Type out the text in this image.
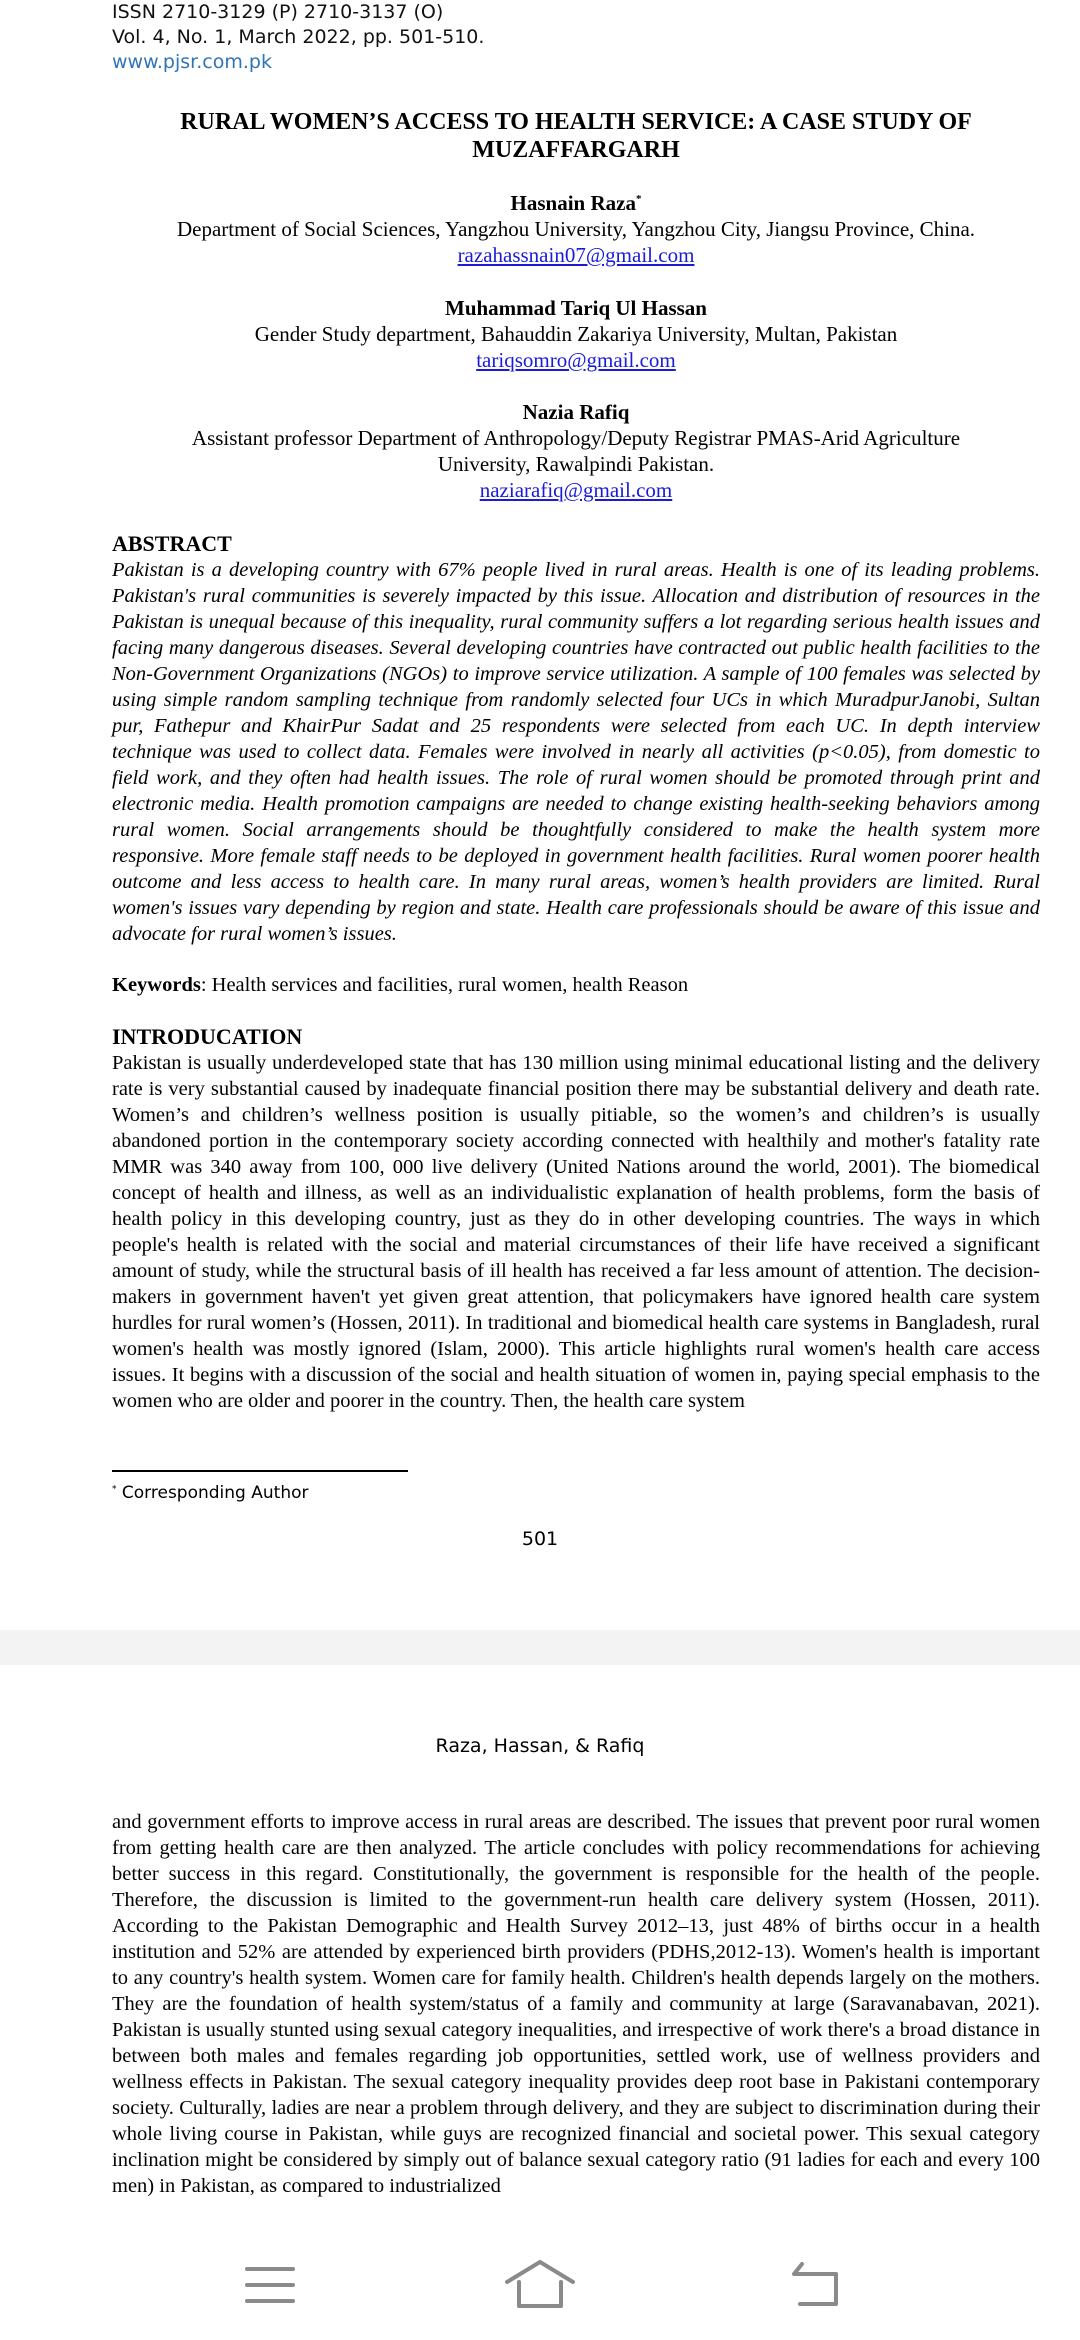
ISSN 2710-3129 (P) 2710-3137 (O)
Vol. 4, No. 1, March 2022, pp. 501-510.
www.pjsr.com.pk
RURAL WOMEN’S ACCESS TO HEALTH SERVICE: A CASE STUDY OF
MUZAFFARGARH
Hasnain Raza*
Department of Social Sciences, Yangzhou University, Yangzhou City, Jiangsu Province, China.
razahassnain07@gmail.com
Muhammad Tariq Ul Hassan
Gender Study department, Bahauddin Zakariya University, Multan, Pakistan
tariqsomro@gmail.com
Nazia Rafiq
Assistant professor Department of Anthropology/Deputy Registrar PMAS-Arid Agriculture
University, Rawalpindi Pakistan.
naziarafiq@gmail.com
ABSTRACT
Pakistan is a developing country with 67% people lived in rural areas. Health is one of its leading problems. Pakistan's rural communities is severely impacted by this issue. Allocation and distribution of resources in the Pakistan is unequal because of this inequality, rural community suffers a lot regarding serious health issues and facing many dangerous diseases. Several developing countries have contracted out public health facilities to the Non-Government Organizations (NGOs) to improve service utilization. A sample of 100 females was selected by using simple random sampling technique from randomly selected four UCs in which MuradpurJanobi, Sultan pur, Fathepur and KhairPur Sadat and 25 respondents were selected from each UC. In depth interview technique was used to collect data. Females were involved in nearly all activities (p<0.05), from domestic to field work, and they often had health issues. The role of rural women should be promoted through print and electronic media. Health promotion campaigns are needed to change existing health-seeking behaviors among rural women. Social arrangements should be thoughtfully considered to make the health system more responsive. More female staff needs to be deployed in government health facilities. Rural women poorer health outcome and less access to health care. In many rural areas, women’s health providers are limited. Rural women's issues vary depending by region and state. Health care professionals should be aware of this issue and advocate for rural women’s issues.
Keywords: Health services and facilities, rural women, health Reason
INTRODUCATION
Pakistan is usually underdeveloped state that has 130 million using minimal educational listing and the delivery rate is very substantial caused by inadequate financial position there may be substantial delivery and death rate. Women’s and children’s wellness position is usually pitiable, so the women’s and children’s is usually abandoned portion in the contemporary society according connected with healthily and mother's fatality rate MMR was 340 away from 100, 000 live delivery (United Nations around the world, 2001). The biomedical concept of health and illness, as well as an individualistic explanation of health problems, form the basis of health policy in this developing country, just as they do in other developing countries. The ways in which people's health is related with the social and material circumstances of their life have received a significant amount of study, while the structural basis of ill health has received a far less amount of attention. The decision-makers in government haven't yet given great attention, that policymakers have ignored health care system hurdles for rural women’s (Hossen, 2011). In traditional and biomedical health care systems in Bangladesh, rural women's health was mostly ignored (Islam, 2000). This article highlights rural women's health care access issues. It begins with a discussion of the social and health situation of women in, paying special emphasis to the women who are older and poorer in the country. Then, the health care system
* Corresponding Author
501
Raza, Hassan, & Rafiq
and government efforts to improve access in rural areas are described. The issues that prevent poor rural women from getting health care are then analyzed. The article concludes with policy recommendations for achieving better success in this regard. Constitutionally, the government is responsible for the health of the people. Therefore, the discussion is limited to the government-run health care delivery system (Hossen, 2011). According to the Pakistan Demographic and Health Survey 2012–13, just 48% of births occur in a health institution and 52% are attended by experienced birth providers (PDHS,2012-13). Women's health is important to any country's health system. Women care for family health. Children's health depends largely on the mothers. They are the foundation of health system/status of a family and community at large (Saravanabavan, 2021). Pakistan is usually stunted using sexual category inequalities, and irrespective of work there's a broad distance in between both males and females regarding job opportunities, settled work, use of wellness providers and wellness effects in Pakistan. The sexual category inequality provides deep root base in Pakistani contemporary society. Culturally, ladies are near a problem through delivery, and they are subject to discrimination during their whole living course in Pakistan, while guys are recognized financial and societal power. This sexual category inclination might be considered by simply out of balance sexual category ratio (91 ladies for each and every 100 men) in Pakistan, as compared to industrialized
